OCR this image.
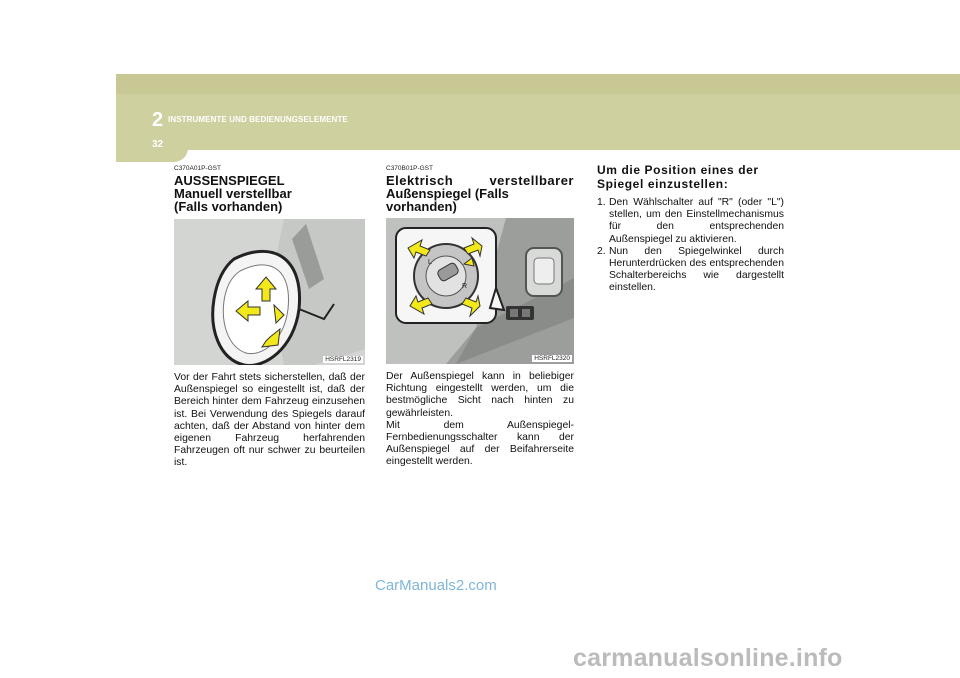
2 INSTRUMENTE UND BEDIENUNGSELEMENTE
32
C370A01P-GST
AUSSENSPIEGEL
Manuell verstellbar
(Falls vorhanden)
HSRFL2319
Vor der Fahrt stets sicherstellen, daß der Außenspiegel so eingestellt ist, daß der Bereich hinter dem Fahrzeug einzusehen ist. Bei Verwendung des Spiegels darauf achten, daß der Abstand von hinter dem eigenen Fahrzeug herfahrenden Fahrzeugen oft nur schwer zu beurteilen ist.
C370B01P-GST
Elektrisch verstellbarer
Außenspiegel (Falls vorhanden)
L
R
HSRFL2320
Der Außenspiegel kann in beliebiger Richtung eingestellt werden, um die bestmögliche Sicht nach hinten zu gewährleisten.
Mit dem Außenspiegel-Fernbedienungsschalter kann der Außenspiegel auf der Beifahrerseite eingestellt werden.
Um die Position eines der
Spiegel einzustellen:
1. Den Wählschalter auf "R" (oder "L") stellen, um den Einstellmechanismus für den entsprechenden Außenspiegel zu aktivieren.
2. Nun den Spiegelwinkel durch Herunterdrücken des entsprechenden Schalterbereichs wie dargestellt einstellen.
CarManuals2.com
carmanualsonline.info
